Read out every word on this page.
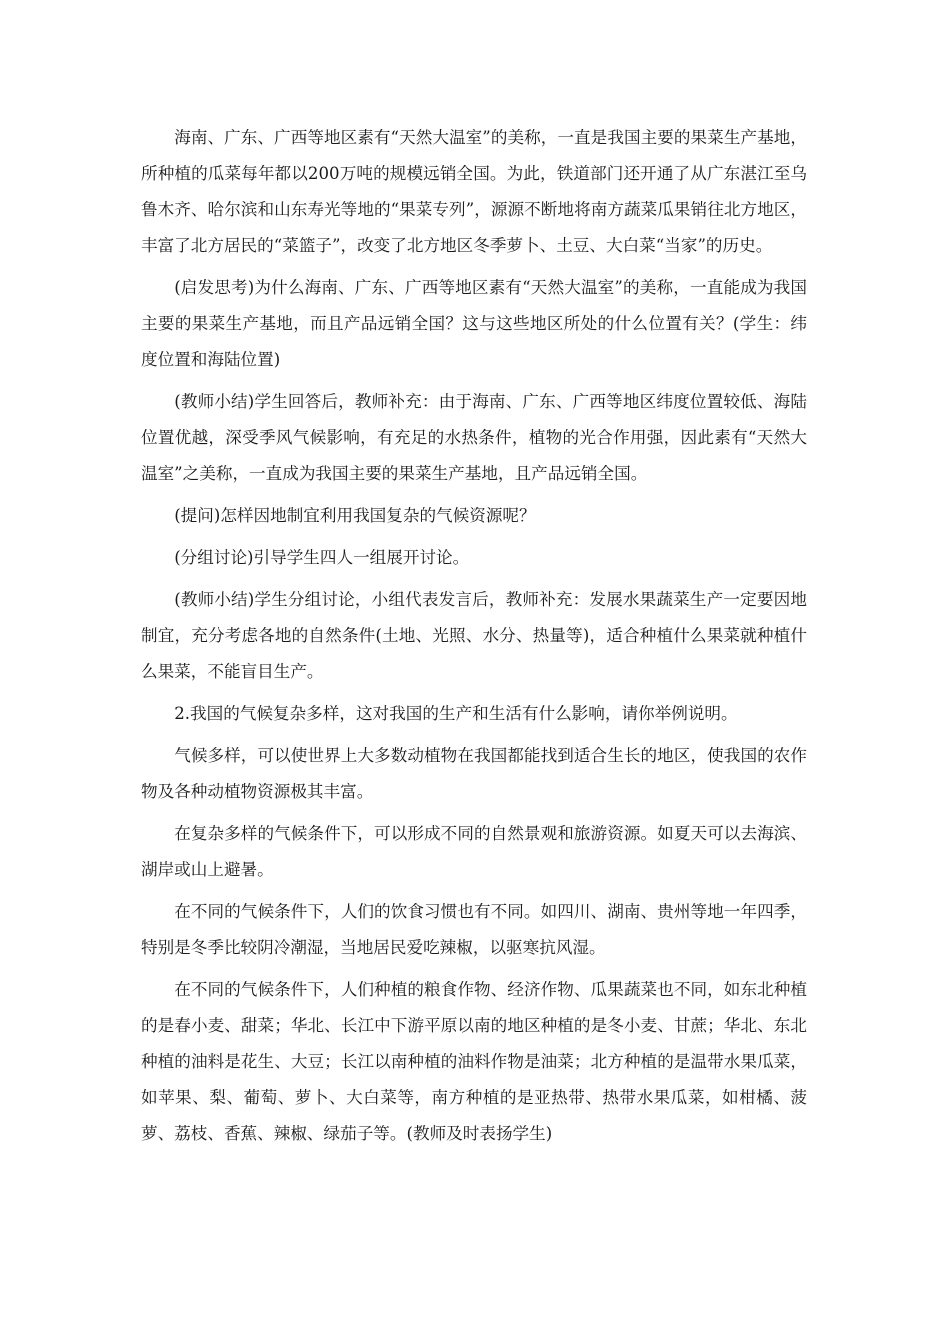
海南、广东、广西等地区素有“天然大温室”的美称，一直是我国主要的果菜生产基地，所种植的瓜菜每年都以200万吨的规模远销全国。为此，铁道部门还开通了从广东湛江至乌鲁木齐、哈尔滨和山东寿光等地的“果菜专列”，源源不断地将南方蔬菜瓜果销往北方地区，丰富了北方居民的“菜篮子”，改变了北方地区冬季萝卜、土豆、大白菜“当家”的历史。

(启发思考)为什么海南、广东、广西等地区素有“天然大温室”的美称，一直能成为我国主要的果菜生产基地，而且产品远销全国？这与这些地区所处的什么位置有关？(学生：纬度位置和海陆位置)

(教师小结)学生回答后，教师补充：由于海南、广东、广西等地区纬度位置较低、海陆位置优越，深受季风气候影响，有充足的水热条件，植物的光合作用强，因此素有“天然大温室”之美称，一直成为我国主要的果菜生产基地，且产品远销全国。

(提问)怎样因地制宜利用我国复杂的气候资源呢？

(分组讨论)引导学生四人一组展开讨论。

(教师小结)学生分组讨论，小组代表发言后，教师补充：发展水果蔬菜生产一定要因地制宜，充分考虑各地的自然条件(土地、光照、水分、热量等)，适合种植什么果菜就种植什么果菜，不能盲目生产。

2.我国的气候复杂多样，这对我国的生产和生活有什么影响，请你举例说明。

气候多样，可以使世界上大多数动植物在我国都能找到适合生长的地区，使我国的农作物及各种动植物资源极其丰富。

在复杂多样的气候条件下，可以形成不同的自然景观和旅游资源。如夏天可以去海滨、湖岸或山上避暑。

在不同的气候条件下，人们的饮食习惯也有不同。如四川、湖南、贵州等地一年四季，特别是冬季比较阴冷潮湿，当地居民爱吃辣椒，以驱寒抗风湿。

在不同的气候条件下，人们种植的粮食作物、经济作物、瓜果蔬菜也不同，如东北种植的是春小麦、甜菜；华北、长江中下游平原以南的地区种植的是冬小麦、甘蔗；华北、东北种植的油料是花生、大豆；长江以南种植的油料作物是油菜；北方种植的是温带水果瓜菜，如苹果、梨、葡萄、萝卜、大白菜等，南方种植的是亚热带、热带水果瓜菜，如柑橘、菠萝、荔枝、香蕉、辣椒、绿茄子等。(教师及时表扬学生)
